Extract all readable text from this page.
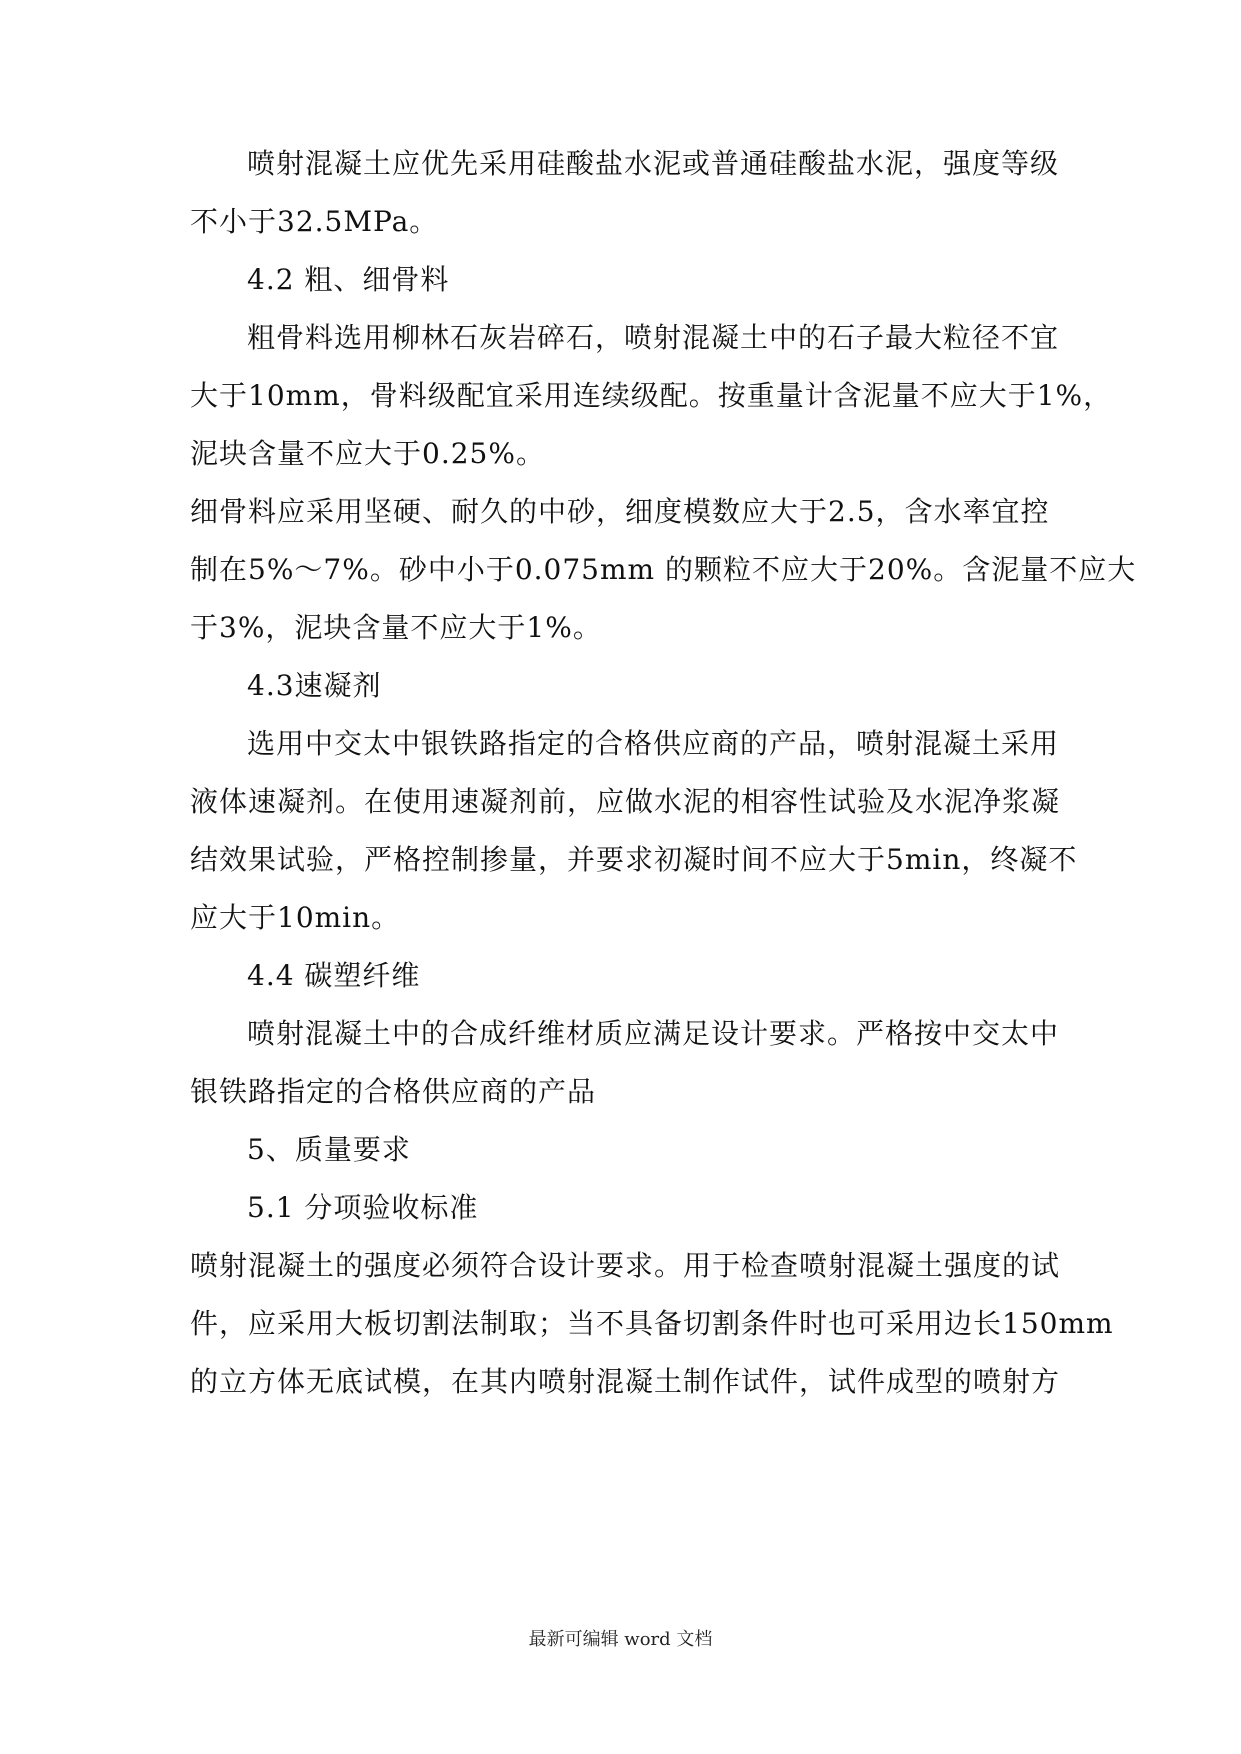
喷射混凝土应优先采用硅酸盐水泥或普通硅酸盐水泥，强度等级
不小于32.5MPa。
4.2 粗、细骨料
粗骨料选用柳林石灰岩碎石，喷射混凝土中的石子最大粒径不宜
大于10mm，骨料级配宜采用连续级配。按重量计含泥量不应大于1%，
泥块含量不应大于0.25%。
细骨料应采用坚硬、耐久的中砂，细度模数应大于2.5，含水率宜控
制在5%～7%。砂中小于0.075mm 的颗粒不应大于20%。含泥量不应大
于3%，泥块含量不应大于1%。
4.3速凝剂
选用中交太中银铁路指定的合格供应商的产品，喷射混凝土采用
液体速凝剂。在使用速凝剂前，应做水泥的相容性试验及水泥净浆凝
结效果试验，严格控制掺量，并要求初凝时间不应大于5min，终凝不
应大于10min。
4.4 碳塑纤维
喷射混凝土中的合成纤维材质应满足设计要求。严格按中交太中
银铁路指定的合格供应商的产品
5、质量要求
5.1 分项验收标准
喷射混凝土的强度必须符合设计要求。用于检查喷射混凝土强度的试
件，应采用大板切割法制取；当不具备切割条件时也可采用边长150mm
的立方体无底试模，在其内喷射混凝土制作试件，试件成型的喷射方
最新可编辑 word 文档
